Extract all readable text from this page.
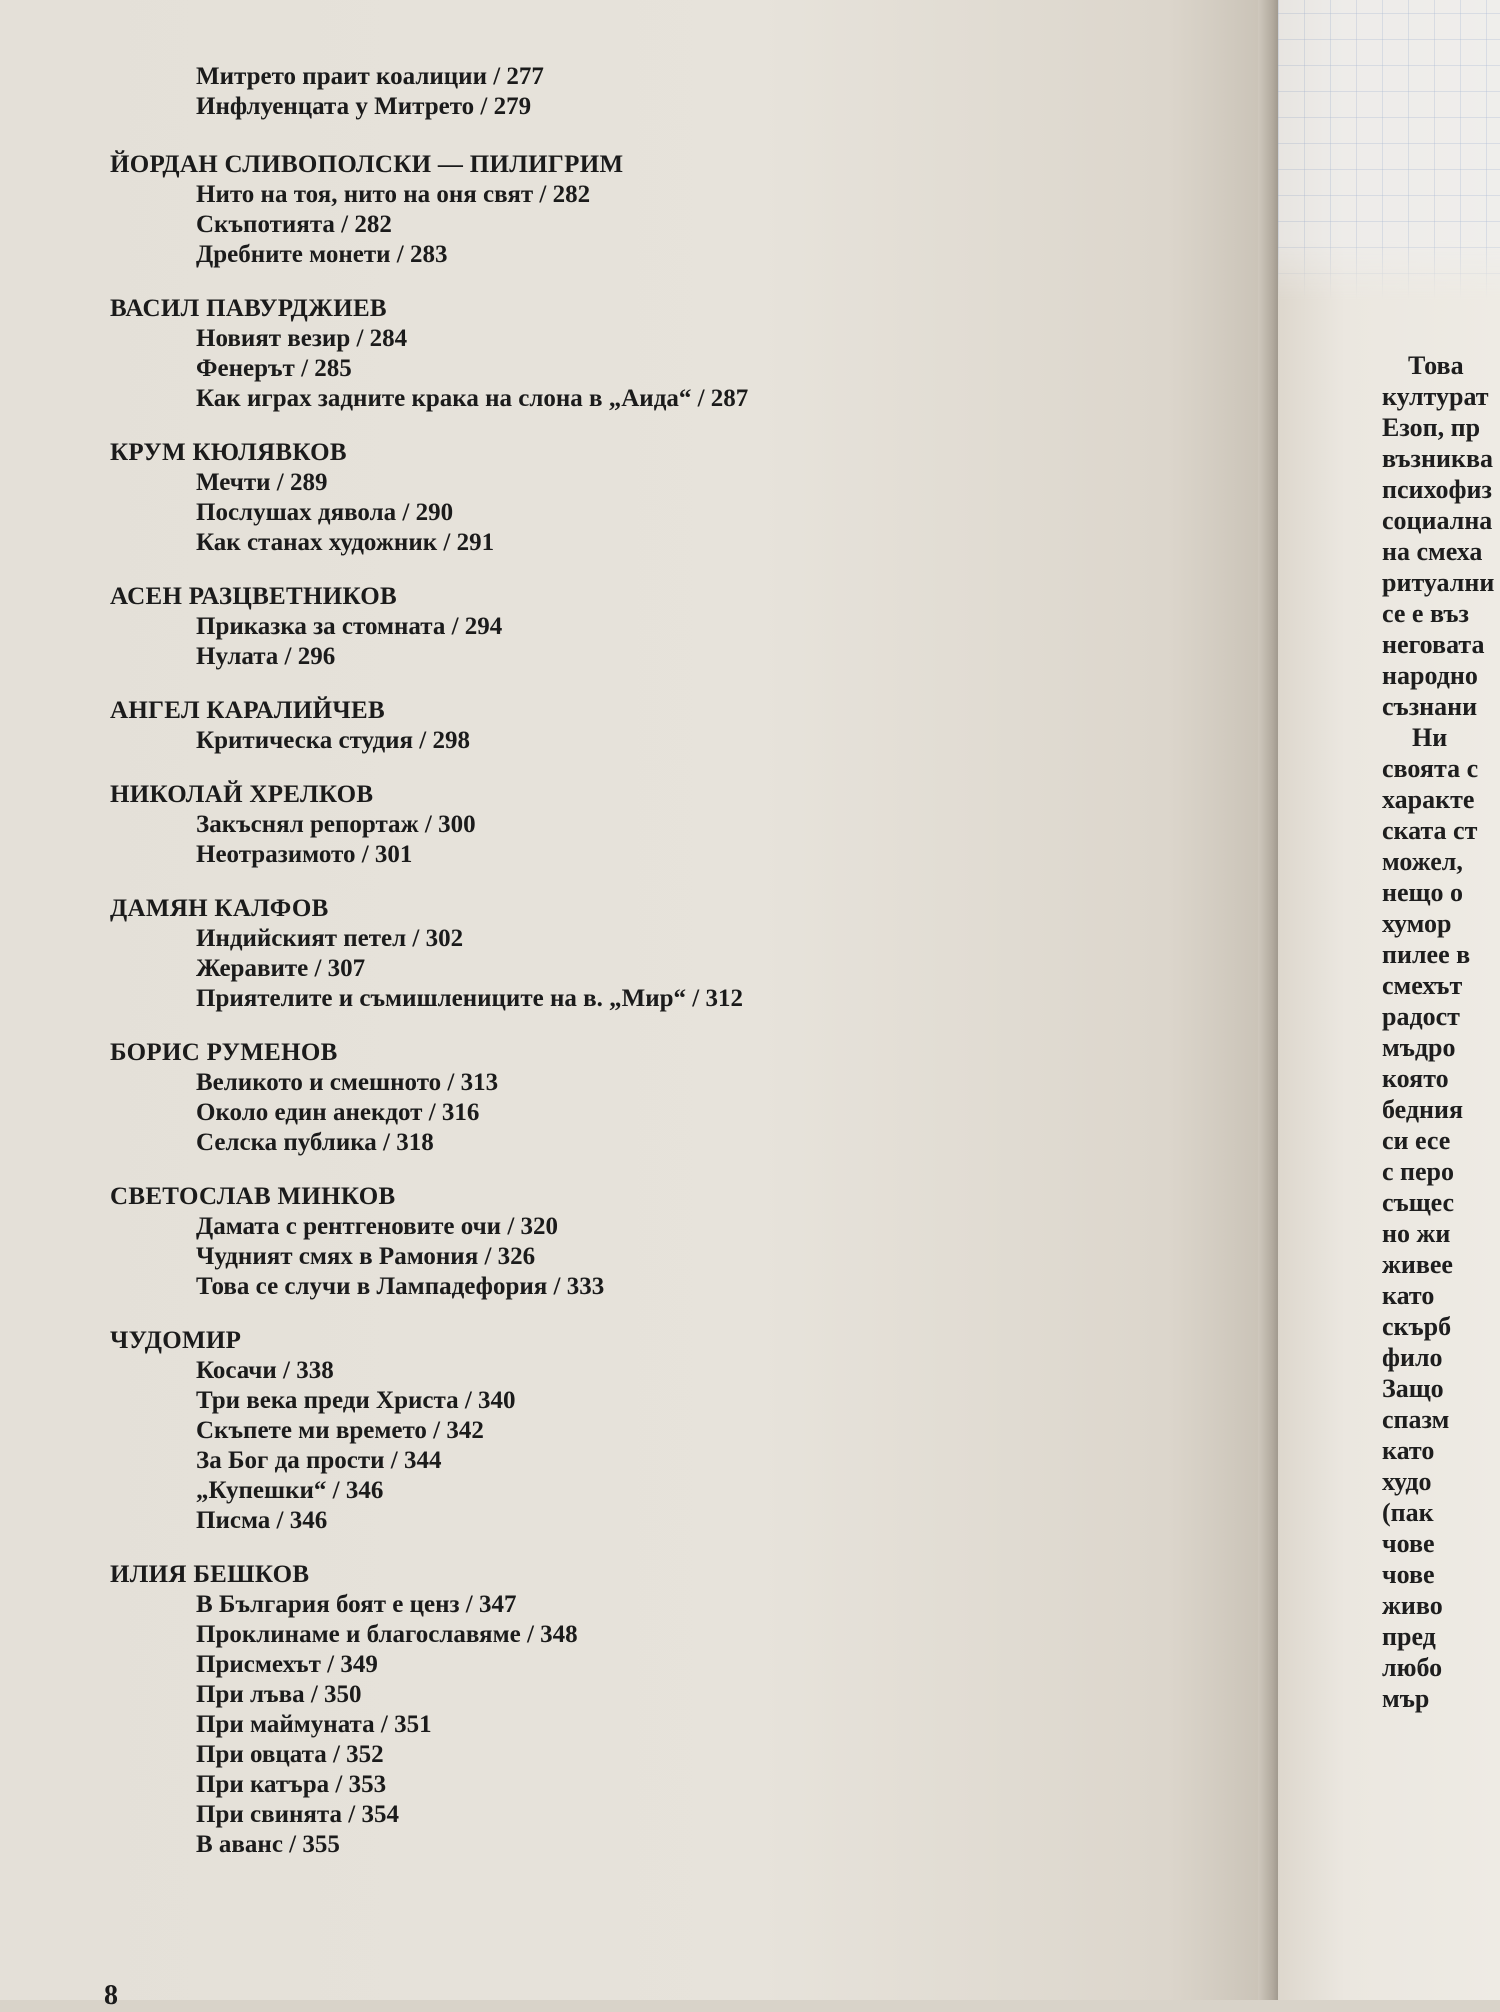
Митрето праит коалиции / 277
Инфлуенцата у Митрето / 279
ЙОРДАН СЛИВОПОЛСКИ — ПИЛИГРИМ
Нито на тоя, нито на оня свят / 282
Скъпотията / 282
Дребните монети / 283
ВАСИЛ ПАВУРДЖИЕВ
Новият везир / 284
Фенерът / 285
Как играх задните крака на слона в „Аида“ / 287
КРУМ КЮЛЯВКОВ
Мечти / 289
Послушах дявола / 290
Как станах художник / 291
АСЕН РАЗЦВЕТНИКОВ
Приказка за стомната / 294
Нулата / 296
АНГЕЛ КАРАЛИЙЧЕВ
Критическа студия / 298
НИКОЛАЙ ХРЕЛКОВ
Закъснял репортаж / 300
Неотразимото / 301
ДАМЯН КАЛФОВ
Индийският петел / 302
Жеравите / 307
Приятелите и съмишлениците на в. „Мир“ / 312
БОРИС РУМЕНОВ
Великото и смешното / 313
Около един анекдот / 316
Селска публика / 318
СВЕТОСЛАВ МИНКОВ
Дамата с рентгеновите очи / 320
Чудният смях в Рамония / 326
Това се случи в Лампадефория / 333
ЧУДОМИР
Косачи / 338
Три века преди Христа / 340
Скъпете ми времето / 342
За Бог да прости / 344
„Купешки“ / 346
Писма / 346
ИЛИЯ БЕШКОВ
В България боят е ценз / 347
Проклинаме и благославяме / 348
Присмехът / 349
При лъва / 350
При маймуната / 351
При овцата / 352
При катъра / 353
При свинята / 354
В аванс / 355
8
Това
културат
Езоп, пр
възниква
психофиз
социална
на смеха
ритуални
се е въз
неговата
народно
съзнани
Ни
своята с
характе
ската ст
можел,
нещо о
хумор
пилее в
смехът
радост
мъдро
която
бедния
си есе
с перо
същес
но жи
живее
като
скърб
фило
Защо
спазм
като
худо
(пак
чове
чове
живо
пред
любо
мър
